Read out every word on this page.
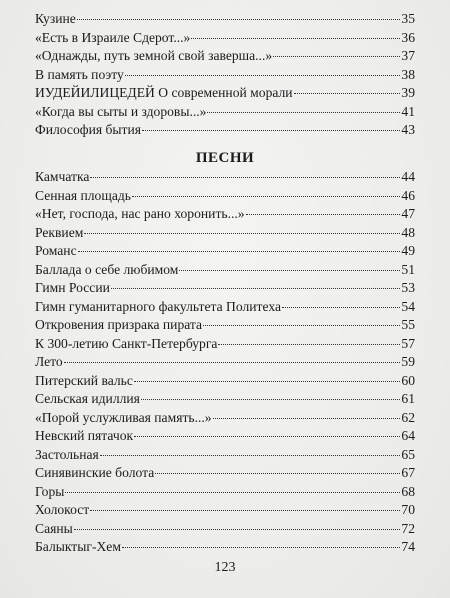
Кузине	35
«Есть в Израиле Сдерот...»	36
«Однажды, путь земной свой заверша...»	37
В память поэту	38
ИУДЕЙИЛИЦЕДЕЙ О современной морали	39
«Когда вы сыты и здоровы...»	41
Философия бытия	43
ПЕСНИ
Камчатка	44
Сенная площадь	46
«Нет, господа, нас рано хоронить...»	47
Реквием	48
Романс	49
Баллада о себе любимом	51
Гимн России	53
Гимн гуманитарного факультета Политеха	54
Откровения призрака пирата	55
К 300-летию Санкт-Петербурга	57
Лето	59
Питерский вальс	60
Сельская идиллия	61
«Порой услужливая память...»	62
Невский пятачок	64
Застольная	65
Синявинские болота	67
Горы	68
Холокост	70
Саяны	72
Балыктыг-Хем	74
123
